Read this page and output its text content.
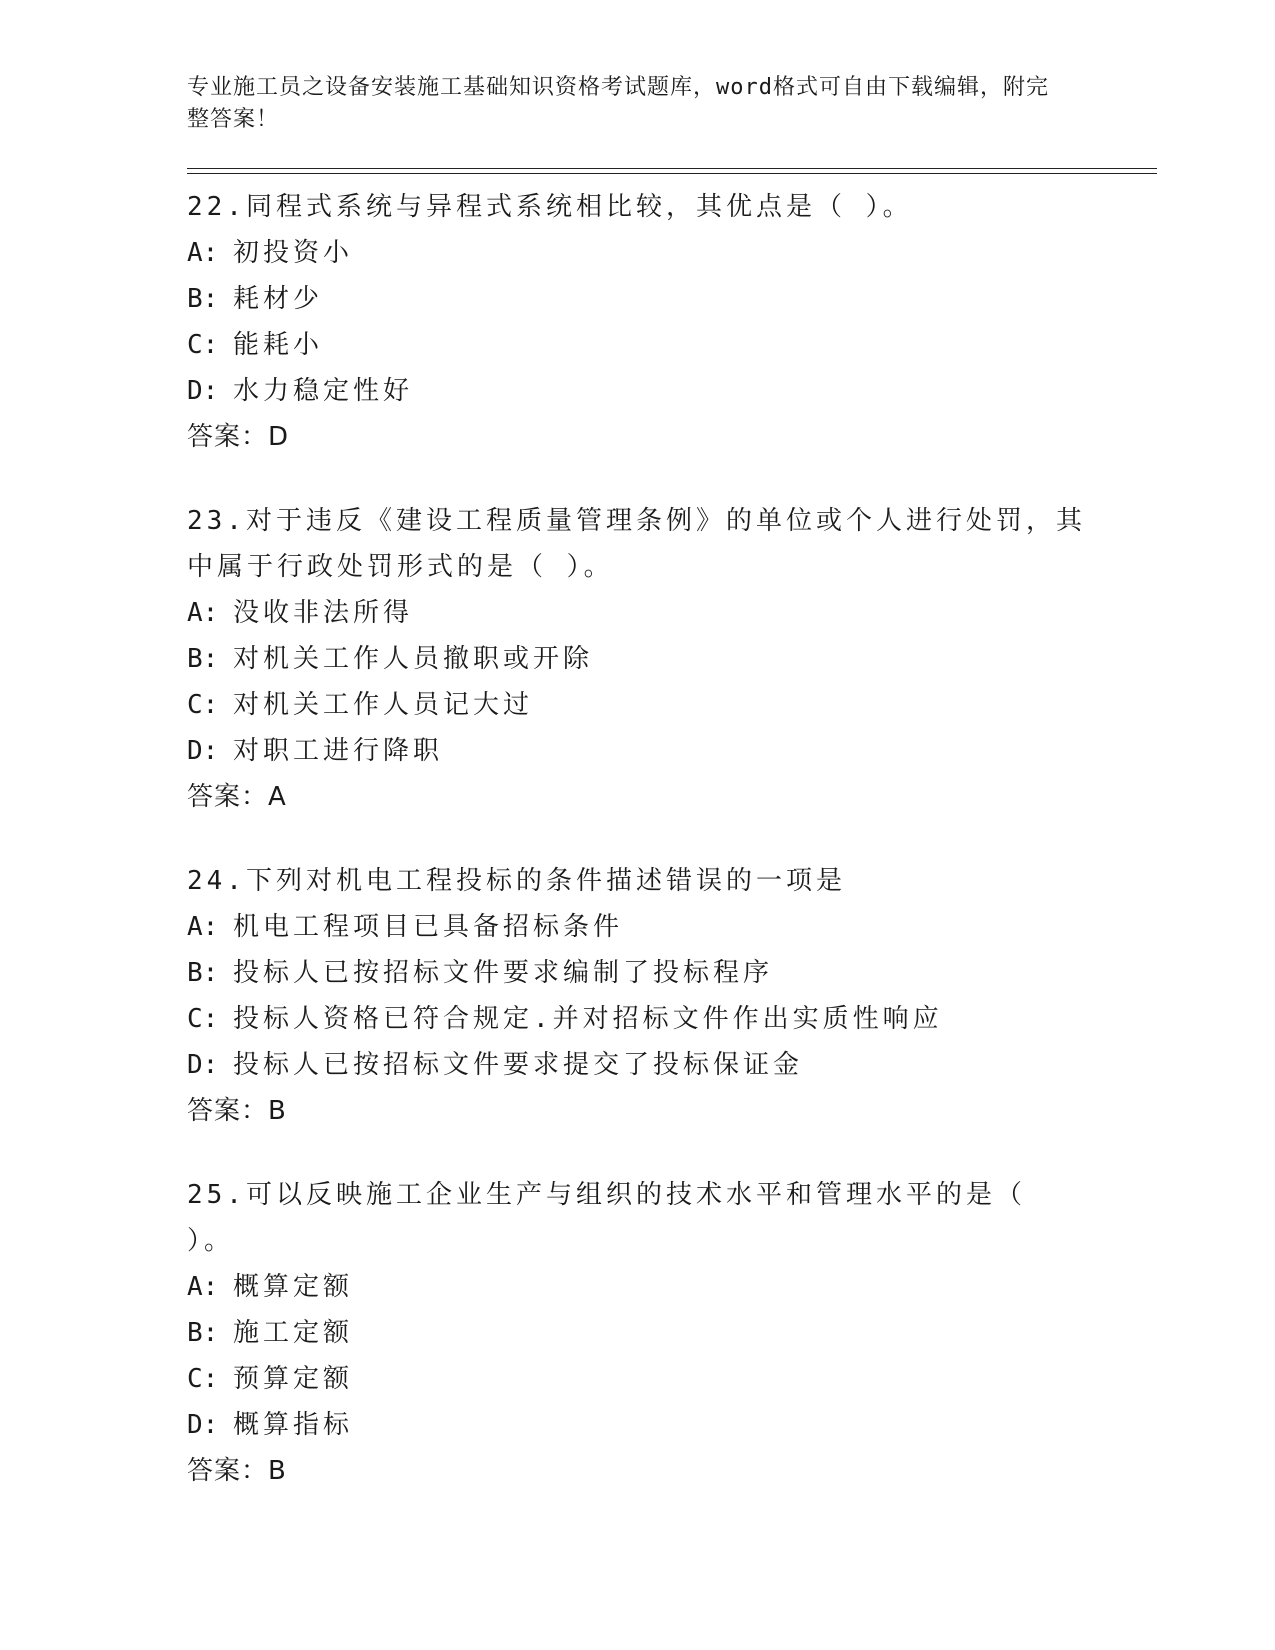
专业施工员之设备安装施工基础知识资格考试题库，word格式可自由下载编辑，附完整答案！

22.同程式系统与异程式系统相比较，其优点是（ ）。

A: 初投资小

B: 耗材少

C: 能耗小

D: 水力稳定性好

答案：D

23.对于违反《建设工程质量管理条例》的单位或个人进行处罚，其中属于行政处罚形式的是（ ）。

A: 没收非法所得

B: 对机关工作人员撤职或开除

C: 对机关工作人员记大过

D: 对职工进行降职

答案：A

24.下列对机电工程投标的条件描述错误的一项是

A: 机电工程项目已具备招标条件

B: 投标人已按招标文件要求编制了投标程序

C: 投标人资格已符合规定.并对招标文件作出实质性响应

D: 投标人已按招标文件要求提交了投标保证金

答案：B

25.可以反映施工企业生产与组织的技术水平和管理水平的是（ ）。

A: 概算定额

B: 施工定额

C: 预算定额

D: 概算指标

答案：B
